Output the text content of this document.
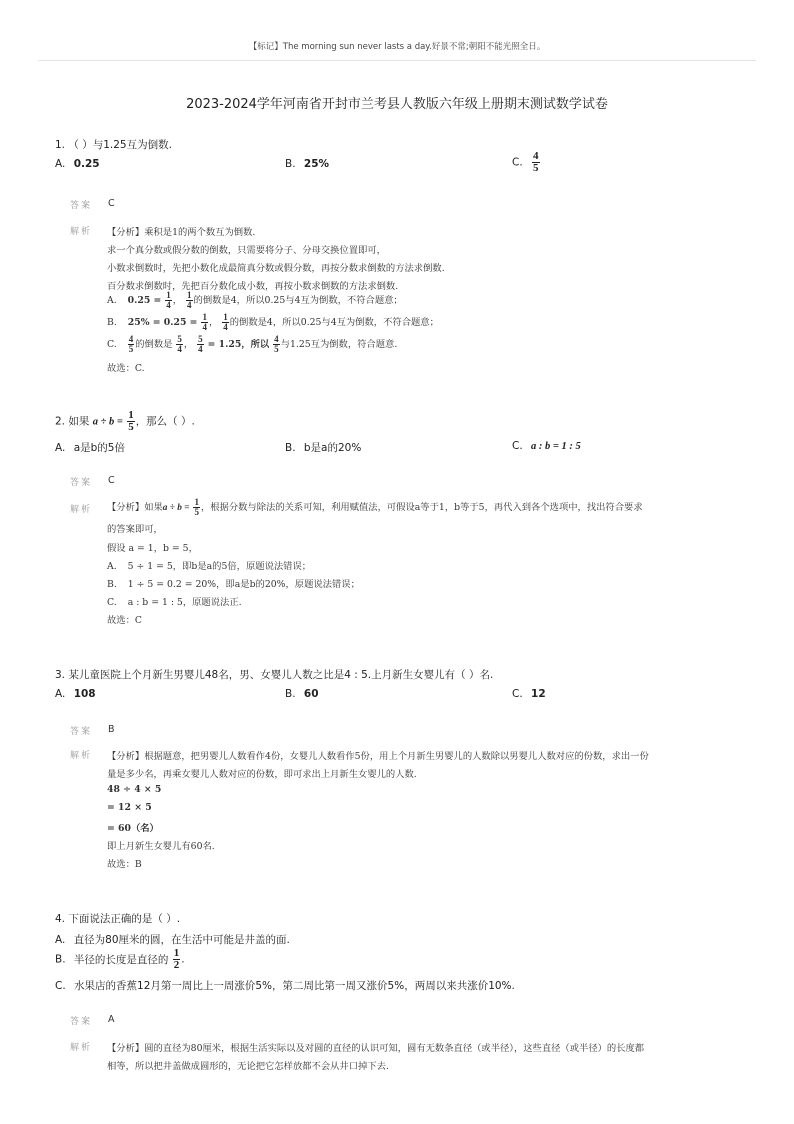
【标记】The morning sun never lasts a day.好景不常;朝阳不能光照全日。
2023-2024学年河南省开封市兰考县人教版六年级上册期末测试数学试卷
1. （ ）与1.25互为倒数.
A. 0.25	B. 25%	C. $\frac{4}{5}$
答案 C
解析 【分析】乘积是1的两个数互为倒数.
求一个真分数或假分数的倒数，只需要将分子、分母交换位置即可，
小数求倒数时，先把小数化成最简真分数或假分数，再按分数求倒数的方法求倒数.
百分数求倒数时，先把百分数化成小数，再按小数求倒数的方法求倒数.
A. $0.25 = \frac{1}{4}$ ， $\frac{1}{4}$ 的倒数是4，所以0.25与4互为倒数，不符合题意；
B. $25\% = 0.25 = \frac{1}{4}$ ， $\frac{1}{4}$ 的倒数是4，所以0.25与4互为倒数，不符合题意；
C. $\frac{4}{5}$ 的倒数是 $\frac{5}{4}$ ， $\frac{5}{4} = 1.25$，所以 $\frac{4}{5}$ 与1.25互为倒数，符合题意.
故选：C.
2. 如果 $a \div b = \frac{1}{5}$ ，那么（ ）.
A. a是b的5倍	B. b是a的20%	C. a : b = 1 : 5
答案 C
解析 【分析】如果$a \div b = \frac{1}{5}$ ，根据分数与除法的关系可知，利用赋值法，可假设a等于1，b等于5，再代入到各个选项中，找出符合要求
的答案即可，
假设 a = 1，b = 5，
A. 5 ÷ 1 = 5，即b是a的5倍，原题说法错误；
B. 1 ÷ 5 = 0.2 = 20%，即a是b的20%，原题说法错误；
C. a : b = 1 : 5，原题说法正.
故选：C
3. 某儿童医院上个月新生男婴儿48名，男、女婴儿人数之比是4 : 5.上月新生女婴儿有（ ）名.
A. 108	B. 60	C. 12
答案 B
解析 【分析】根据题意，把男婴儿人数看作4份，女婴儿人数看作5份，用上个月新生男婴儿的人数除以男婴儿人数对应的份数，求出一份
量是多少名，再乘女婴儿人数对应的份数，即可求出上月新生女婴儿的人数.
48 ÷ 4 × 5
= 12 × 5
= 60（名）
即上月新生女婴儿有60名.
故选：B
4. 下面说法正确的是（ ）.
A. 直径为80厘米的圆，在生活中可能是井盖的面.
B. 半径的长度是直径的 $\frac{1}{2}$ .
C. 水果店的香蕉12月第一周比上一周涨价5%，第二周比第一周又涨价5%，两周以来共涨价10%.
答案 A
解析 【分析】圆的直径为80厘米，根据生活实际以及对圆的直径的认识可知，圆有无数条直径（或半径），这些直径（或半径）的长度都
相等，所以把井盖做成圆形的，无论把它怎样放都不会从井口掉下去.
